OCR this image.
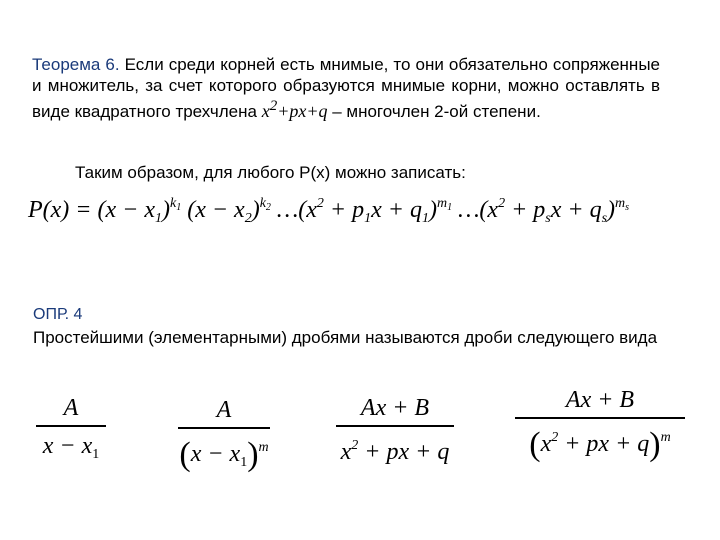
Теорема 6. Если среди корней есть мнимые, то они обязательно сопряженные и множитель, за счет которого образуются мнимые корни, можно оставлять в виде квадратного трехчлена $x^2+px+q$ – многочлен 2-ой степени.
Таким образом, для любого P(x) можно записать:
$P(x) = (x - x_1)^{k_1}$ $(x - x_2)^{k_2}$ $\dots(x^2 + p_1x + q_1)^{m_1}$ $\dots(x^2 + p_sx + q_s)^{m_s}$
ОПР. 4
Простейшими (элементарными) дробями называются дроби следующего вида
A
$x - x_1$
A
$(x - x_1)^m$
Ax + B
$x^2$ + px + q
Ax + B
($x^2$ + px + q)$^m$
